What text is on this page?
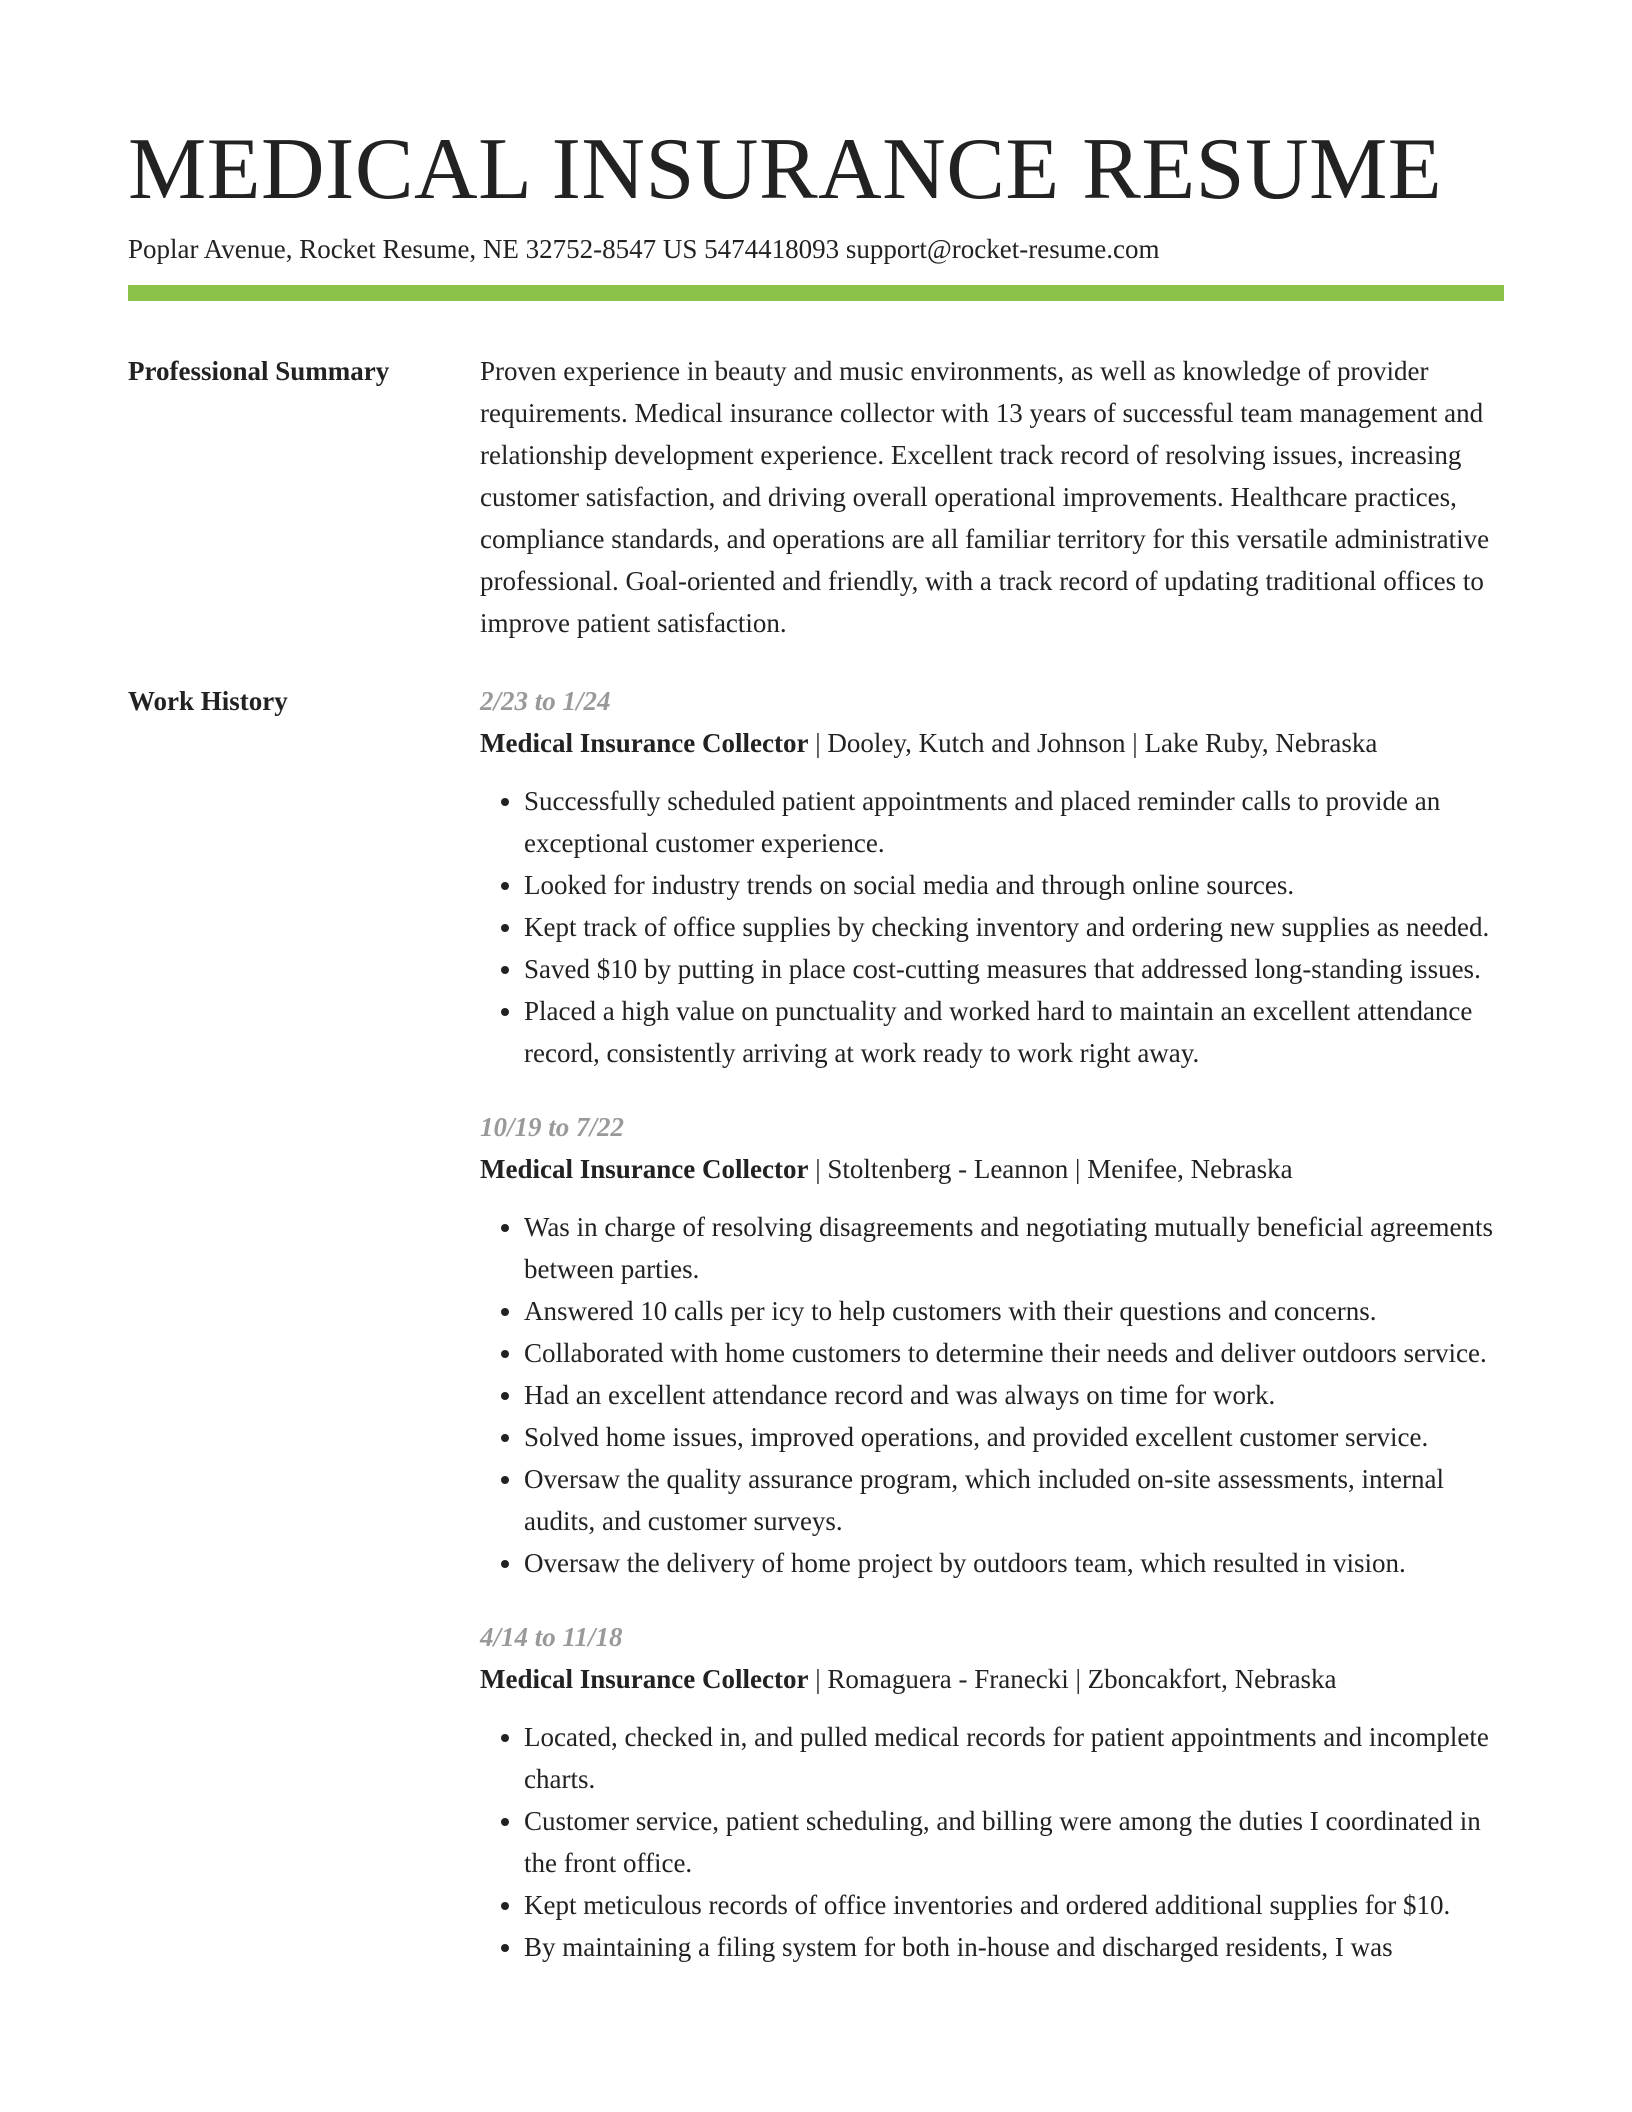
MEDICAL INSURANCE RESUME
Poplar Avenue, Rocket Resume, NE 32752-8547 US 5474418093 support@rocket-resume.com
Professional Summary	Proven experience in beauty and music environments, as well as knowledge of provider requirements. Medical insurance collector with 13 years of successful team management and relationship development experience. Excellent track record of resolving issues, increasing customer satisfaction, and driving overall operational improvements. Healthcare practices, compliance standards, and operations are all familiar territory for this versatile administrative professional. Goal-oriented and friendly, with a track record of updating traditional offices to improve patient satisfaction.

Work History	2/23 to 1/24
Medical Insurance Collector | Dooley, Kutch and Johnson | Lake Ruby, Nebraska
• Successfully scheduled patient appointments and placed reminder calls to provide an exceptional customer experience.
• Looked for industry trends on social media and through online sources.
• Kept track of office supplies by checking inventory and ordering new supplies as needed.
• Saved $10 by putting in place cost-cutting measures that addressed long-standing issues.
• Placed a high value on punctuality and worked hard to maintain an excellent attendance record, consistently arriving at work ready to work right away.
10/19 to 7/22
Medical Insurance Collector | Stoltenberg - Leannon | Menifee, Nebraska
• Was in charge of resolving disagreements and negotiating mutually beneficial agreements between parties.
• Answered 10 calls per icy to help customers with their questions and concerns.
• Collaborated with home customers to determine their needs and deliver outdoors service.
• Had an excellent attendance record and was always on time for work.
• Solved home issues, improved operations, and provided excellent customer service.
• Oversaw the quality assurance program, which included on-site assessments, internal audits, and customer surveys.
• Oversaw the delivery of home project by outdoors team, which resulted in vision.
4/14 to 11/18
Medical Insurance Collector | Romaguera - Franecki | Zboncakfort, Nebraska
• Located, checked in, and pulled medical records for patient appointments and incomplete charts.
• Customer service, patient scheduling, and billing were among the duties I coordinated in the front office.
• Kept meticulous records of office inventories and ordered additional supplies for $10.
• By maintaining a filing system for both in-house and discharged residents, I was
